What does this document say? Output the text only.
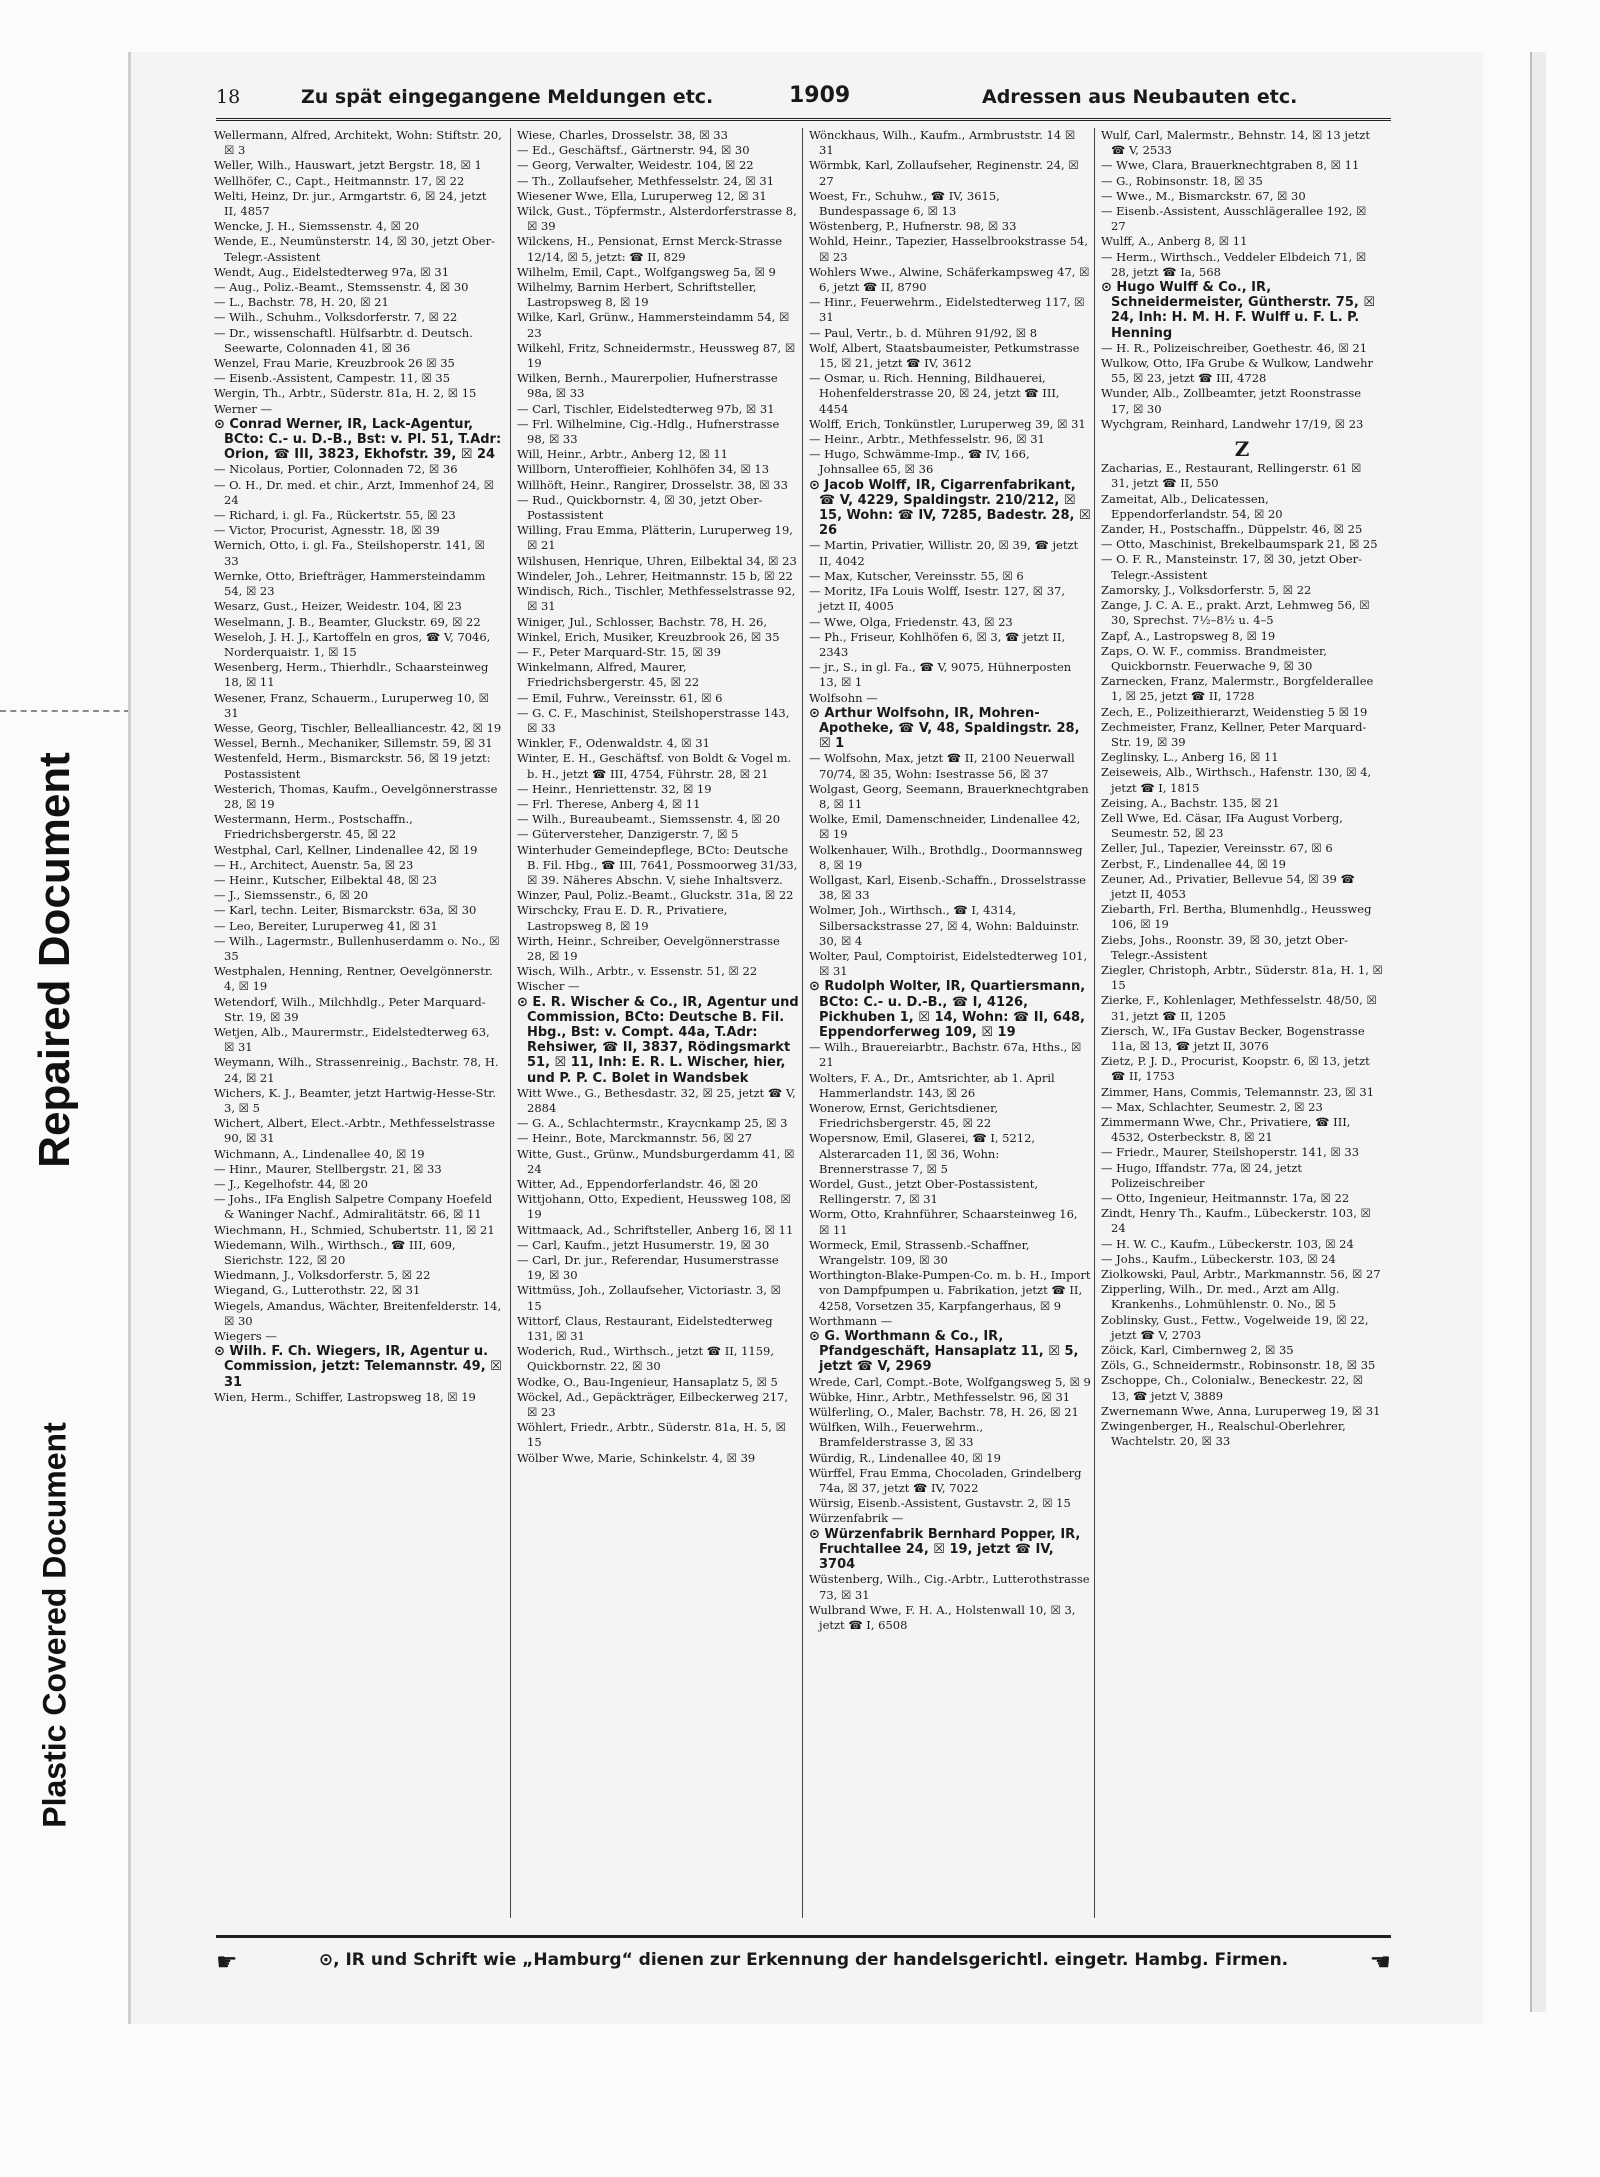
Repaired Document
Plastic Covered Document
18	Zu spät eingegangene Meldungen etc.	1909	Adressen aus Neubauten etc.

Wellermann, Alfred, Architekt, Wohn: Stiftstr. 20, ☒ 3

Weller, Wilh., Hauswart, jetzt Bergstr. 18, ☒ 1

Wellhöfer, C., Capt., Heitmannstr. 17, ☒ 22

Welti, Heinz, Dr. jur., Armgartstr. 6, ☒ 24, jetzt II, 4857

Wencke, J. H., Siemssenstr. 4, ☒ 20

Wende, E., Neumünsterstr. 14, ☒ 30, jetzt Ober-Telegr.-Assistent

Wendt, Aug., Eidelstedterweg 97a, ☒ 31

— Aug., Poliz.-Beamt., Stemssenstr. 4, ☒ 30

— L., Bachstr. 78, H. 20, ☒ 21

— Wilh., Schuhm., Volksdorferstr. 7, ☒ 22

— Dr., wissenschaftl. Hülfsarbtr. d. Deutsch. Seewarte, Colonnaden 41, ☒ 36

Wenzel, Frau Marie, Kreuzbrook 26 ☒ 35

— Eisenb.-Assistent, Campestr. 11, ☒ 35

Wergin, Th., Arbtr., Süderstr. 81a, H. 2, ☒ 15

Werner —

⊙ Conrad Werner, IR, Lack-Agentur, BCto: C.- u. D.-B., Bst: v. Pl. 51, T.Adr: Orion, ☎ III, 3823, Ekhofstr. 39, ☒ 24

— Nicolaus, Portier, Colonnaden 72, ☒ 36

— O. H., Dr. med. et chir., Arzt, Immenhof 24, ☒ 24

— Richard, i. gl. Fa., Rückertstr. 55, ☒ 23

— Victor, Procurist, Agnesstr. 18, ☒ 39

Wernich, Otto, i. gl. Fa., Steilshoperstr. 141, ☒ 33

Wernke, Otto, Briefträger, Hammersteindamm 54, ☒ 23

Wesarz, Gust., Heizer, Weidestr. 104, ☒ 23

Weselmann, J. B., Beamter, Gluckstr. 69, ☒ 22

Weseloh, J. H. J., Kartoffeln en gros, ☎ V, 7046, Norderquaistr. 1, ☒ 15

Wesenberg, Herm., Thierhdlr., Schaarsteinweg 18, ☒ 11

Wesener, Franz, Schauerm., Luruperweg 10, ☒ 31

Wesse, Georg, Tischler, Bellealliancestr. 42, ☒ 19

Wessel, Bernh., Mechaniker, Sillemstr. 59, ☒ 31

Westenfeld, Herm., Bismarckstr. 56, ☒ 19 jetzt: Postassistent

Westerich, Thomas, Kaufm., Oevelgönnerstrasse 28, ☒ 19

Westermann, Herm., Postschaffn., Friedrichsbergerstr. 45, ☒ 22

Westphal, Carl, Kellner, Lindenallee 42, ☒ 19

— H., Architect, Auenstr. 5a, ☒ 23

— Heinr., Kutscher, Eilbektal 48, ☒ 23

— J., Siemssenstr., 6, ☒ 20

— Karl, techn. Leiter, Bismarckstr. 63a, ☒ 30

— Leo, Bereiter, Luruperweg 41, ☒ 31

— Wilh., Lagermstr., Bullenhuserdamm o. No., ☒ 35

Westphalen, Henning, Rentner, Oevelgönnerstr. 4, ☒ 19

Wetendorf, Wilh., Milchhdlg., Peter Marquard-Str. 19, ☒ 39

Wetjen, Alb., Maurermstr., Eidelstedterweg 63, ☒ 31

Weymann, Wilh., Strassenreinig., Bachstr. 78, H. 24, ☒ 21

Wichers, K. J., Beamter, jetzt Hartwig-Hesse-Str. 3, ☒ 5

Wichert, Albert, Elect.-Arbtr., Methfesselstrasse 90, ☒ 31

Wichmann, A., Lindenallee 40, ☒ 19

— Hinr., Maurer, Stellbergstr. 21, ☒ 33

— J., Kegelhofstr. 44, ☒ 20

— Johs., IFa English Salpetre Company Hoefeld & Waninger Nachf., Admiralitätstr. 66, ☒ 11

Wiechmann, H., Schmied, Schubertstr. 11, ☒ 21

Wiedemann, Wilh., Wirthsch., ☎ III, 609, Sierichstr. 122, ☒ 20

Wiedmann, J., Volksdorferstr. 5, ☒ 22

Wiegand, G., Lutterothstr. 22, ☒ 31

Wiegels, Amandus, Wächter, Breitenfelderstr. 14, ☒ 30

Wiegers —

⊙ Wilh. F. Ch. Wiegers, IR, Agentur u. Commission, jetzt: Telemannstr. 49, ☒ 31

Wien, Herm., Schiffer, Lastropsweg 18, ☒ 19

Wiese, Charles, Drosselstr. 38, ☒ 33

— Ed., Geschäftsf., Gärtnerstr. 94, ☒ 30

— Georg, Verwalter, Weidestr. 104, ☒ 22

— Th., Zollaufseher, Methfesselstr. 24, ☒ 31

Wiesener Wwe, Ella, Luruperweg 12, ☒ 31

Wilck, Gust., Töpfermstr., Alsterdorferstrasse 8, ☒ 39

Wilckens, H., Pensionat, Ernst Merck-Strasse 12/14, ☒ 5, jetzt: ☎ II, 829

Wilhelm, Emil, Capt., Wolfgangsweg 5a, ☒ 9

Wilhelmy, Barnim Herbert, Schriftsteller, Lastropsweg 8, ☒ 19

Wilke, Karl, Grünw., Hammersteindamm 54, ☒ 23

Wilkehl, Fritz, Schneidermstr., Heussweg 87, ☒ 19

Wilken, Bernh., Maurerpolier, Hufnerstrasse 98a, ☒ 33

— Carl, Tischler, Eidelstedterweg 97b, ☒ 31

— Frl. Wilhelmine, Cig.-Hdlg., Hufnerstrasse 98, ☒ 33

Will, Heinr., Arbtr., Anberg 12, ☒ 11

Willborn, Unteroffieier, Kohlhöfen 34, ☒ 13

Willhöft, Heinr., Rangirer, Drosselstr. 38, ☒ 33

— Rud., Quickbornstr. 4, ☒ 30, jetzt Ober-Postassistent

Willing, Frau Emma, Plätterin, Luruperweg 19, ☒ 21

Wilshusen, Henrique, Uhren, Eilbektal 34, ☒ 23

Windeler, Joh., Lehrer, Heitmannstr. 15 b, ☒ 22

Windisch, Rich., Tischler, Methfesselstrasse 92, ☒ 31

Winiger, Jul., Schlosser, Bachstr. 78, H. 26,

Winkel, Erich, Musiker, Kreuzbrook 26, ☒ 35

— F., Peter Marquard-Str. 15, ☒ 39

Winkelmann, Alfred, Maurer, Friedrichsbergerstr. 45, ☒ 22

— Emil, Fuhrw., Vereinsstr. 61, ☒ 6

— G. C. F., Maschinist, Steilshoperstrasse 143, ☒ 33

Winkler, F., Odenwaldstr. 4, ☒ 31

Winter, E. H., Geschäftsf. von Boldt & Vogel m. b. H., jetzt ☎ III, 4754, Führstr. 28, ☒ 21

— Heinr., Henriettenstr. 32, ☒ 19

— Frl. Therese, Anberg 4, ☒ 11

— Wilh., Bureaubeamt., Siemssenstr. 4, ☒ 20

— Güterverstеher, Danzigerstr. 7, ☒ 5

Winterhuder Gemeindepflege, BCto: Deutsche B. Fil. Hbg., ☎ III, 7641, Possmoorweg 31/33, ☒ 39. Näheres Abschn. V, siehe Inhaltsverz.

Winzer, Paul, Poliz.-Beamt., Gluckstr. 31a, ☒ 22

Wirschcky, Frau E. D. R., Privatiere, Lastropsweg 8, ☒ 19

Wirth, Heinr., Schreiber, Oevelgönnerstrasse 28, ☒ 19

Wisch, Wilh., Arbtr., v. Essenstr. 51, ☒ 22

Wischer —

⊙ E. R. Wischer & Co., IR, Agentur und Commission, BCto: Deutsche B. Fil. Hbg., Bst: v. Compt. 44a, T.Adr: Rehsiwer, ☎ II, 3837, Rödingsmarkt 51, ☒ 11, Inh: E. R. L. Wischer, hier, und P. P. C. Bolet in Wandsbek

Witt Wwe., G., Bethesdastr. 32, ☒ 25, jetzt ☎ V, 2884

— G. A., Schlachtermstr., Kraycnkamp 25, ☒ 3

— Heinr., Bote, Marckmannstr. 56, ☒ 27

Witte, Gust., Grünw., Mundsburgerdamm 41, ☒ 24

Witter, Ad., Eppendorferlandstr. 46, ☒ 20

Wittjohann, Otto, Expedient, Heussweg 108, ☒ 19

Wittmaack, Ad., Schriftsteller, Anberg 16, ☒ 11

— Carl, Kaufm., jetzt Husumerstr. 19, ☒ 30

— Carl, Dr. jur., Referendar, Husumerstrasse 19, ☒ 30

Wittmüss, Joh., Zollaufseher, Victoriastr. 3, ☒ 15

Wittorf, Claus, Restaurant, Eidelstedterweg 131, ☒ 31

Woderich, Rud., Wirthsch., jetzt ☎ II, 1159, Quickbornstr. 22, ☒ 30

Wodke, O., Bau-Ingenieur, Hansaplatz 5, ☒ 5

Wöckel, Ad., Gepäckträger, Eilbeckerweg 217, ☒ 23

Wöhlert, Friedr., Arbtr., Süderstr. 81a, H. 5, ☒ 15

Wölber Wwe, Marie, Schinkelstr. 4, ☒ 39

Wönckhaus, Wilh., Kaufm., Armbruststr. 14 ☒ 31

Wörmbk, Karl, Zollaufseher, Reginenstr. 24, ☒ 27

Woest, Fr., Schuhw., ☎ IV, 3615, Bundespassage 6, ☒ 13

Wöstenberg, P., Hufnerstr. 98, ☒ 33

Wohld, Heinr., Tapezier, Hasselbrookstrasse 54, ☒ 23

Wohlers Wwe., Alwine, Schäferkampsweg 47, ☒ 6, jetzt ☎ II, 8790

— Hinr., Feuerwehrm., Eidelstedterweg 117, ☒ 31

— Paul, Vertr., b. d. Mühren 91/92, ☒ 8

Wolf, Albert, Staatsbaumeister, Petkumstrasse 15, ☒ 21, jetzt ☎ IV, 3612

— Osmar, u. Rich. Henning, Bildhauerei, Hohenfelderstrasse 20, ☒ 24, jetzt ☎ III, 4454

Wolff, Erich, Tonkünstler, Luruperweg 39, ☒ 31

— Heinr., Arbtr., Methfesselstr. 96, ☒ 31

— Hugo, Schwämme-Imp., ☎ IV, 166, Johnsallee 65, ☒ 36

⊙ Jacob Wolff, IR, Cigarrenfabrikant, ☎ V, 4229, Spaldingstr. 210/212, ☒ 15, Wohn: ☎ IV, 7285, Badestr. 28, ☒ 26

— Martin, Privatier, Willistr. 20, ☒ 39, ☎ jetzt II, 4042

— Max, Kutscher, Vereinsstr. 55, ☒ 6

— Moritz, IFa Louis Wolff, Isestr. 127, ☒ 37, jetzt II, 4005

— Wwe, Olga, Friedenstr. 43, ☒ 23

— Ph., Friseur, Kohlhöfen 6, ☒ 3, ☎ jetzt II, 2343

— jr., S., in gl. Fa., ☎ V, 9075, Hühnerposten 13, ☒ 1

Wolfsohn —

⊙ Arthur Wolfsohn, IR, Mohren-Apotheke, ☎ V, 48, Spaldingstr. 28, ☒ 1

— Wolfsohn, Max, jetzt ☎ II, 2100 Neuerwall 70/74, ☒ 35, Wohn: Isestrasse 56, ☒ 37

Wolgast, Georg, Seemann, Brauerknechtgraben 8, ☒ 11

Wolke, Emil, Damenschneider, Lindenallee 42, ☒ 19

Wolkenhauer, Wilh., Brothdlg., Doormannsweg 8, ☒ 19

Wollgast, Karl, Eisenb.-Schaffn., Drosselstrasse 38, ☒ 33

Wolmer, Joh., Wirthsch., ☎ I, 4314, Silbersackstrasse 27, ☒ 4, Wohn: Balduinstr. 30, ☒ 4

Wolter, Paul, Comptoirist, Eidelstedterweg 101, ☒ 31

⊙ Rudolph Wolter, IR, Quartiersmann, BCto: C.- u. D.-B., ☎ I, 4126, Pickhuben 1, ☒ 14, Wohn: ☎ II, 648, Eppendorferweg 109, ☒ 19

— Wilh., Brauereiarbtr., Bachstr. 67a, Hths., ☒ 21

Wolters, F. A., Dr., Amtsrichter, ab 1. April Hammerlandstr. 143, ☒ 26

Wonerow, Ernst, Gerichtsdiener, Friedrichsbergerstr. 45, ☒ 22

Wopersnow, Emil, Glaserei, ☎ I, 5212, Alsterarcaden 11, ☒ 36, Wohn: Brennerstrasse 7, ☒ 5

Wordel, Gust., jetzt Ober-Postassistent, Rellingerstr. 7, ☒ 31

Worm, Otto, Krahnführer, Schaarsteinweg 16, ☒ 11

Wormeck, Emil, Strassenb.-Schaffner, Wrangelstr. 109, ☒ 30

Worthington-Blake-Pumpen-Co. m. b. H., Import von Dampfpumpen u. Fabrikation, jetzt ☎ II, 4258, Vorsetzen 35, Karpfangerhaus, ☒ 9

Worthmann —

⊙ G. Worthmann & Co., IR, Pfandgeschäft, Hansaplatz 11, ☒ 5, jetzt ☎ V, 2969

Wrede, Carl, Compt.-Bote, Wolfgangsweg 5, ☒ 9

Wübke, Hinr., Arbtr., Methfesselstr. 96, ☒ 31

Wülferling, O., Maler, Bachstr. 78, H. 26, ☒ 21

Wülfken, Wilh., Feuerwehrm., Bramfelderstrasse 3, ☒ 33

Würdig, R., Lindenallee 40, ☒ 19

Würffel, Frau Emma, Chocoladen, Grindelberg 74a, ☒ 37, jetzt ☎ IV, 7022

Würsig, Eisenb.-Assistent, Gustavstr. 2, ☒ 15

Würzenfabrik —

⊙ Würzenfabrik Bernhard Popper, IR, Fruchtallee 24, ☒ 19, jetzt ☎ IV, 3704

Wüstenberg, Wilh., Cig.-Arbtr., Lutterothstrasse 73, ☒ 31

Wulbrand Wwe, F. H. A., Holstenwall 10, ☒ 3, jetzt ☎ I, 6508

Wulf, Carl, Malermstr., Behnstr. 14, ☒ 13 jetzt ☎ V, 2533

— Wwe, Clara, Brauerknechtgraben 8, ☒ 11

— G., Robinsonstr. 18, ☒ 35

— Wwe., M., Bismarckstr. 67, ☒ 30

— Eisenb.-Assistent, Ausschlägerallee 192, ☒ 27

Wulff, A., Anberg 8, ☒ 11

— Herm., Wirthsch., Veddeler Elbdeich 71, ☒ 28, jetzt ☎ Ia, 568

⊙ Hugo Wulff & Co., IR, Schneidermeister, Güntherstr. 75, ☒ 24, Inh: H. M. H. F. Wulff u. F. L. P. Henning

— H. R., Polizeischreiber, Goethestr. 46, ☒ 21

Wulkow, Otto, IFa Grube & Wulkow, Landwehr 55, ☒ 23, jetzt ☎ III, 4728

Wunder, Alb., Zollbeamter, jetzt Roonstrasse 17, ☒ 30

Wychgram, Reinhard, Landwehr 17/19, ☒ 23

Z

Zacharias, E., Restaurant, Rellingerstr. 61 ☒ 31, jetzt ☎ II, 550

Zameitat, Alb., Delicatessen, Eppendorferlandstr. 54, ☒ 20

Zander, H., Postschaffn., Düppelstr. 46, ☒ 25

— Otto, Maschinist, Brekelbaumspark 21, ☒ 25

— O. F. R., Mansteinstr. 17, ☒ 30, jetzt Ober-Telegr.-Assistent

Zamorsky, J., Volksdorferstr. 5, ☒ 22

Zange, J. C. A. E., prakt. Arzt, Lehmweg 56, ☒ 30, Sprechst. 7½–8½ u. 4–5

Zapf, A., Lastropsweg 8, ☒ 19

Zaps, O. W. F., commiss. Brandmeister, Quickbornstr. Feuerwache 9, ☒ 30

Zarnecken, Franz, Malermstr., Borgfelderallee 1, ☒ 25, jetzt ☎ II, 1728

Zech, E., Polizeithierarzt, Weidenstieg 5 ☒ 19

Zechmeister, Franz, Kellner, Peter Marquard-Str. 19, ☒ 39

Zeglinsky, L., Anberg 16, ☒ 11

Zeiseweis, Alb., Wirthsch., Hafenstr. 130, ☒ 4, jetzt ☎ I, 1815

Zeising, A., Bachstr. 135, ☒ 21

Zell Wwe, Ed. Cäsar, IFa August Vorberg, Seumestr. 52, ☒ 23

Zeller, Jul., Tapezier, Vereinsstr. 67, ☒ 6

Zerbst, F., Lindenallee 44, ☒ 19

Zeuner, Ad., Privatier, Bellevue 54, ☒ 39 ☎ jetzt II, 4053

Ziebarth, Frl. Bertha, Blumenhdlg., Heussweg 106, ☒ 19

Ziebs, Johs., Roonstr. 39, ☒ 30, jetzt Ober-Telegr.-Assistent

Ziegler, Christoph, Arbtr., Süderstr. 81a, H. 1, ☒ 15

Zierke, F., Kohlenlager, Methfesselstr. 48/50, ☒ 31, jetzt ☎ II, 1205

Ziersch, W., IFa Gustav Becker, Bogenstrasse 11a, ☒ 13, ☎ jetzt II, 3076

Zietz, P. J. D., Procurist, Koopstr. 6, ☒ 13, jetzt ☎ II, 1753

Zimmer, Hans, Commis, Telemannstr. 23, ☒ 31

— Max, Schlachter, Seumestr. 2, ☒ 23

Zimmermann Wwe, Chr., Privatiere, ☎ III, 4532, Osterbeckstr. 8, ☒ 21

— Friedr., Maurer, Steilshoperstr. 141, ☒ 33

— Hugo, Iffandstr. 77a, ☒ 24, jetzt Polizeischreiber

— Otto, Ingenieur, Heitmannstr. 17a, ☒ 22

Zindt, Henry Th., Kaufm., Lübeckerstr. 103, ☒ 24

— H. W. C., Kaufm., Lübeckerstr. 103, ☒ 24

— Johs., Kaufm., Lübeckerstr. 103, ☒ 24

Ziolkowski, Paul, Arbtr., Markmannstr. 56, ☒ 27

Zipperling, Wilh., Dr. med., Arzt am Allg. Krankenhs., Lohmühlenstr. 0. No., ☒ 5

Zoblinsky, Gust., Fettw., Vogelweide 19, ☒ 22, jetzt ☎ V, 2703

Zöick, Karl, Cimbernweg 2, ☒ 35

Zöls, G., Schneidermstr., Robinsonstr. 18, ☒ 35

Zschoppe, Ch., Colonialw., Beneckestr. 22, ☒ 13, ☎ jetzt V, 3889

Zwernemann Wwe, Anna, Luruperweg 19, ☒ 31

Zwingenberger, H., Realschul-Oberlehrer, Wachtelstr. 20, ☒ 33

☛	⊙, IR und Schrift wie „Hamburg“ dienen zur Erkennung der handelsgerichtl. eingetr. Hambg. Firmen.	☚
